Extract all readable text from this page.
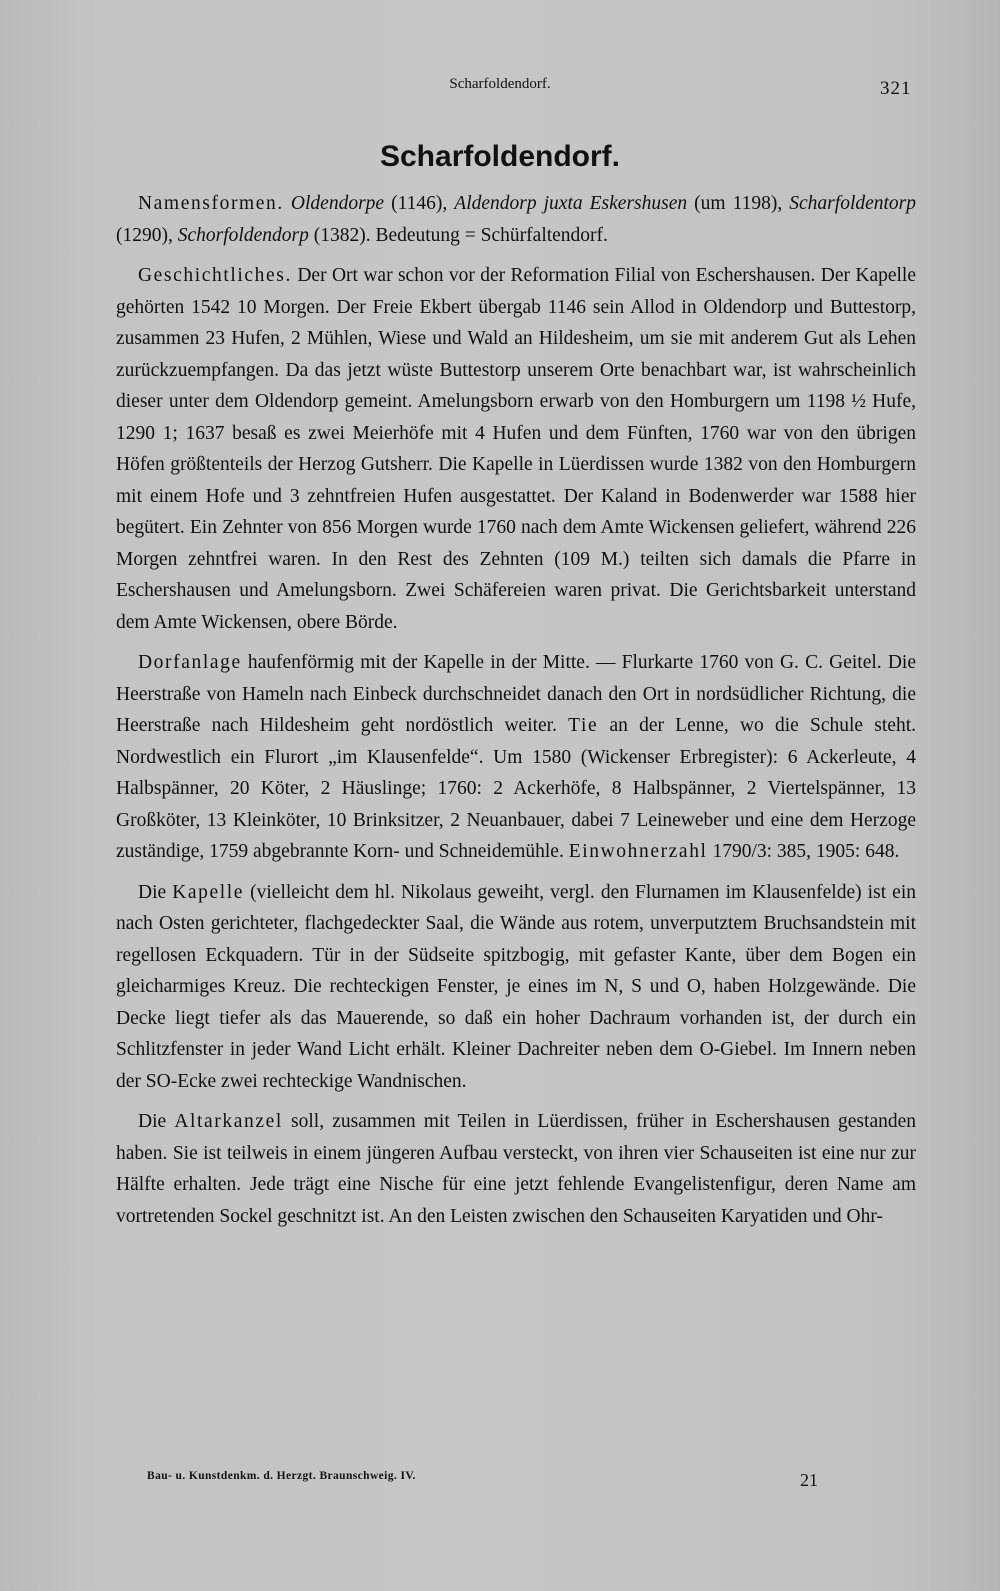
Scharfoldendorf.	321
Scharfoldendorf.

Namensformen. Oldendorpe (1146), Aldendorp juxta Eskershusen (um 1198), Scharfoldentorp (1290), Schorfoldendorp (1382). Bedeutung = Schürfaltendorf.

Geschichtliches. Der Ort war schon vor der Reformation Filial von Eschershausen. Der Kapelle gehörten 1542 10 Morgen. Der Freie Ekbert übergab 1146 sein Allod in Oldendorp und Buttestorp, zusammen 23 Hufen, 2 Mühlen, Wiese und Wald an Hildesheim, um sie mit anderem Gut als Lehen zurückzuempfangen. Da das jetzt wüste Buttestorp unserem Orte benachbart war, ist wahrscheinlich dieser unter dem Oldendorp gemeint. Amelungsborn erwarb von den Homburgern um 1198 ½ Hufe, 1290 1; 1637 besaß es zwei Meierhöfe mit 4 Hufen und dem Fünften, 1760 war von den übrigen Höfen größtenteils der Herzog Gutsherr. Die Kapelle in Lüerdissen wurde 1382 von den Homburgern mit einem Hofe und 3 zehntfreien Hufen ausgestattet. Der Kaland in Bodenwerder war 1588 hier begütert. Ein Zehnter von 856 Morgen wurde 1760 nach dem Amte Wickensen geliefert, während 226 Morgen zehntfrei waren. In den Rest des Zehnten (109 M.) teilten sich damals die Pfarre in Eschershausen und Amelungsborn. Zwei Schäfereien waren privat. Die Gerichtsbarkeit unterstand dem Amte Wickensen, obere Börde.

Dorfanlage haufenförmig mit der Kapelle in der Mitte. — Flurkarte 1760 von G. C. Geitel. Die Heerstraße von Hameln nach Einbeck durchschneidet danach den Ort in nordsüdlicher Richtung, die Heerstraße nach Hildesheim geht nordöstlich weiter. Tie an der Lenne, wo die Schule steht. Nordwestlich ein Flurort „im Klausenfelde“. Um 1580 (Wickenser Erbregister): 6 Ackerleute, 4 Halbspänner, 20 Köter, 2 Häuslinge; 1760: 2 Ackerhöfe, 8 Halbspänner, 2 Viertelspänner, 13 Großköter, 13 Kleinköter, 10 Brinksitzer, 2 Neuanbauer, dabei 7 Leineweber und eine dem Herzoge zuständige, 1759 abgebrannte Korn- und Schneidemühle. Einwohnerzahl 1790/3: 385, 1905: 648.

Die Kapelle (vielleicht dem hl. Nikolaus geweiht, vergl. den Flurnamen im Klausenfelde) ist ein nach Osten gerichteter, flachgedeckter Saal, die Wände aus rotem, unverputztem Bruchsandstein mit regellosen Eckquadern. Tür in der Südseite spitzbogig, mit gefaster Kante, über dem Bogen ein gleicharmiges Kreuz. Die rechteckigen Fenster, je eines im N, S und O, haben Holzgewände. Die Decke liegt tiefer als das Mauerende, so daß ein hoher Dachraum vorhanden ist, der durch ein Schlitzfenster in jeder Wand Licht erhält. Kleiner Dachreiter neben dem O-Giebel. Im Innern neben der SO-Ecke zwei rechteckige Wandnischen.

Die Altarkanzel soll, zusammen mit Teilen in Lüerdissen, früher in Eschershausen gestanden haben. Sie ist teilweis in einem jüngeren Aufbau versteckt, von ihren vier Schauseiten ist eine nur zur Hälfte erhalten. Jede trägt eine Nische für eine jetzt fehlende Evangelistenfigur, deren Name am vortretenden Sockel geschnitzt ist. An den Leisten zwischen den Schauseiten Karyatiden und Ohr-

Bau- u. Kunstdenkm. d. Herzgt. Braunschweig. IV.	21
